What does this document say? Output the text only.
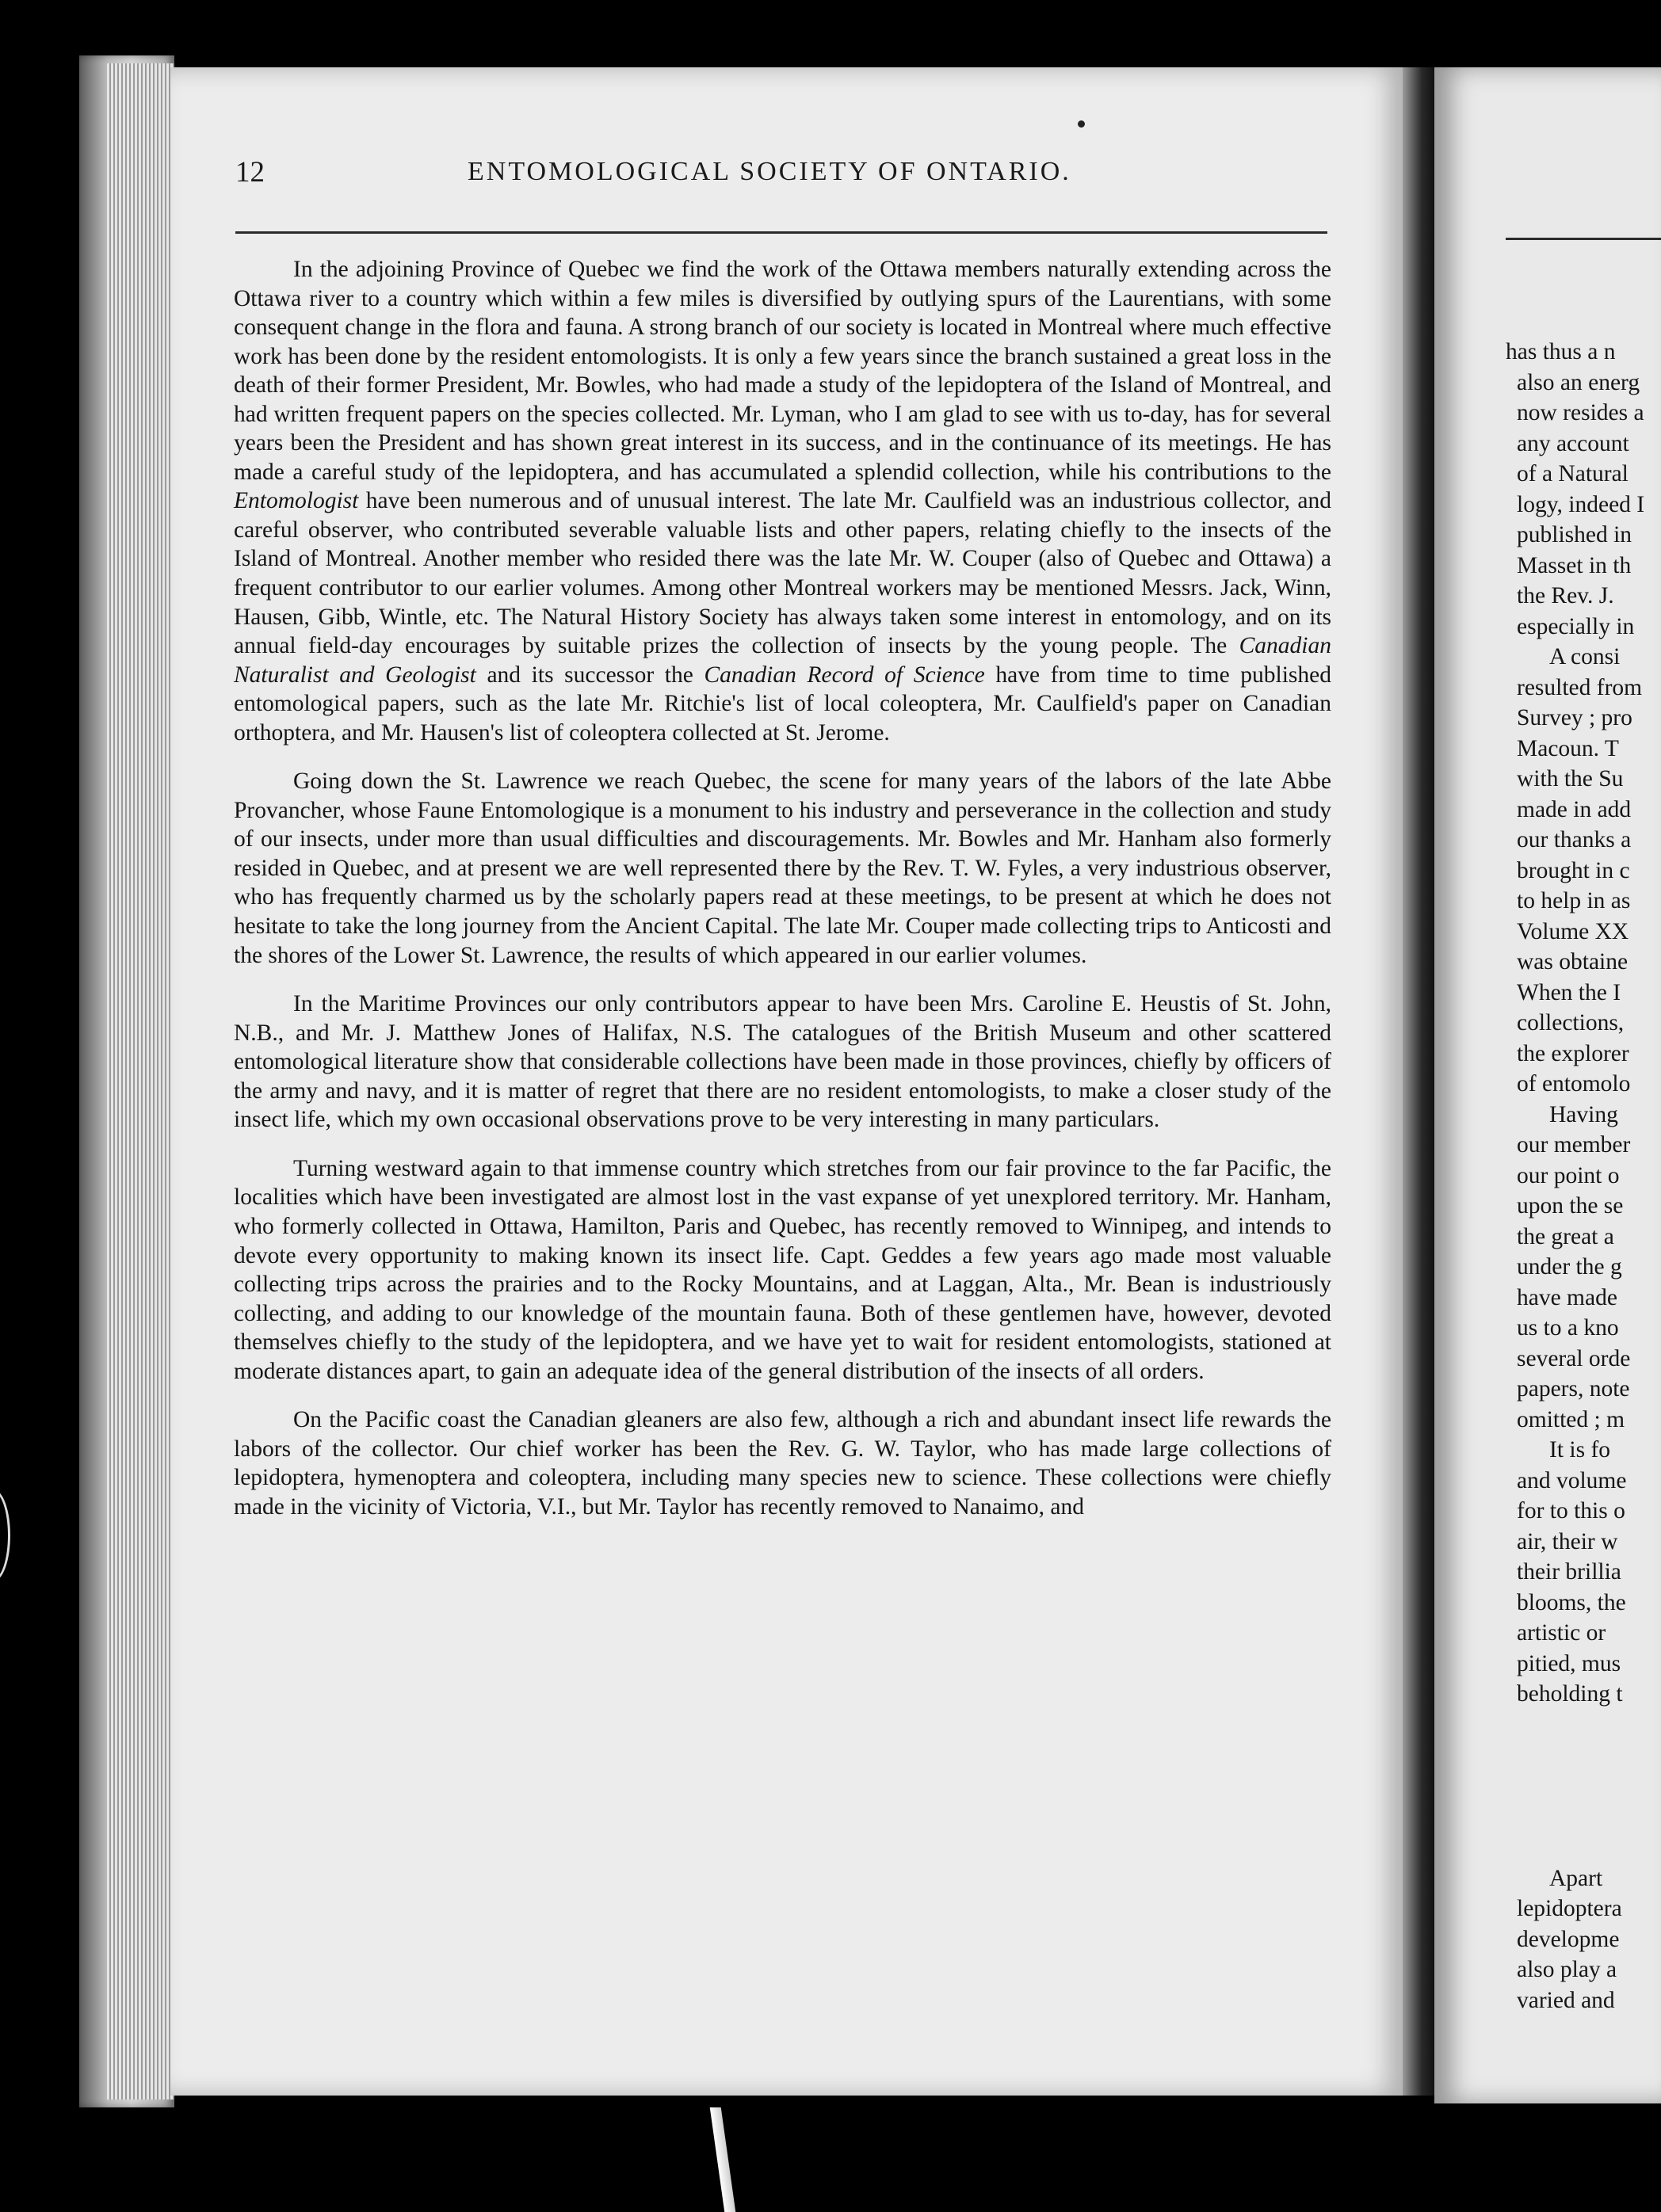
12	ENTOMOLOGICAL SOCIETY OF ONTARIO.

In the adjoining Province of Quebec we find the work of the Ottawa members naturally extending across the Ottawa river to a country which within a few miles is diversified by outlying spurs of the Laurentians, with some consequent change in the flora and fauna. A strong branch of our society is located in Montreal where much effective work has been done by the resident entomologists. It is only a few years since the branch sustained a great loss in the death of their former President, Mr. Bowles, who had made a study of the lepidoptera of the Island of Montreal, and had written frequent papers on the species collected. Mr. Lyman, who I am glad to see with us to-day, has for several years been the President and has shown great interest in its success, and in the continuance of its meetings. He has made a careful study of the lepidoptera, and has accumulated a splendid collection, while his contributions to the Entomologist have been numerous and of unusual interest. The late Mr. Caulfield was an industrious collector, and careful observer, who contributed severable valuable lists and other papers, relating chiefly to the insects of the Island of Montreal. Another member who resided there was the late Mr. W. Couper (also of Quebec and Ottawa) a frequent contributor to our earlier volumes. Among other Montreal workers may be mentioned Messrs. Jack, Winn, Hausen, Gibb, Wintle, etc. The Natural History Society has always taken some interest in entomology, and on its annual field-day encourages by suitable prizes the collection of insects by the young people. The Canadian Naturalist and Geologist and its successor the Canadian Record of Science have from time to time published entomological papers, such as the late Mr. Ritchie's list of local coleoptera, Mr. Caulfield's paper on Canadian orthoptera, and Mr. Hausen's list of coleoptera collected at St. Jerome.

Going down the St. Lawrence we reach Quebec, the scene for many years of the labors of the late Abbe Provancher, whose Faune Entomologique is a monument to his industry and perseverance in the collection and study of our insects, under more than usual difficulties and discouragements. Mr. Bowles and Mr. Hanham also formerly resided in Quebec, and at present we are well represented there by the Rev. T. W. Fyles, a very industrious observer, who has frequently charmed us by the scholarly papers read at these meetings, to be present at which he does not hesitate to take the long journey from the Ancient Capital. The late Mr. Couper made collecting trips to Anticosti and the shores of the Lower St. Lawrence, the results of which appeared in our earlier volumes.

In the Maritime Provinces our only contributors appear to have been Mrs. Caroline E. Heustis of St. John, N.B., and Mr. J. Matthew Jones of Halifax, N.S. The catalogues of the British Museum and other scattered entomological literature show that considerable collections have been made in those provinces, chiefly by officers of the army and navy, and it is matter of regret that there are no resident entomologists, to make a closer study of the insect life, which my own occasional observations prove to be very interesting in many particulars.

Turning westward again to that immense country which stretches from our fair province to the far Pacific, the localities which have been investigated are almost lost in the vast expanse of yet unexplored territory. Mr. Hanham, who formerly collected in Ottawa, Hamilton, Paris and Quebec, has recently removed to Winnipeg, and intends to devote every opportunity to making known its insect life. Capt. Geddes a few years ago made most valuable collecting trips across the prairies and to the Rocky Mountains, and at Laggan, Alta., Mr. Bean is industriously collecting, and adding to our knowledge of the mountain fauna. Both of these gentlemen have, however, devoted themselves chiefly to the study of the lepidoptera, and we have yet to wait for resident entomologists, stationed at moderate distances apart, to gain an adequate idea of the general distribution of the insects of all orders.

On the Pacific coast the Canadian gleaners are also few, although a rich and abundant insect life rewards the labors of the collector. Our chief worker has been the Rev. G. W. Taylor, who has made large collections of lepidoptera, hymenoptera and coleoptera, including many species new to science. These collections were chiefly made in the vicinity of Victoria, V.I., but Mr. Taylor has recently removed to Nanaimo, and

has thus a n
also an energ
now resides a
any account
of a Natural
logy, indeed I
published in
Masset in th
the Rev. J.
especially in
A consi
resulted from
Survey ; pro
Macoun. T
with the Su
made in add
our thanks a
brought in c
to help in as
Volume XX
was obtaine
When the I
collections,
the explorer
of entomolo
Having
our member
our point o
upon the se
the great a
under the g
have made
us to a kno
several orde
papers, note
omitted ; m
It is fo
and volume
for to this o
air, their w
their brillia
blooms, the
artistic or
pitied, mus
beholding t
Apart
lepidoptera
developme
also play a
varied and
